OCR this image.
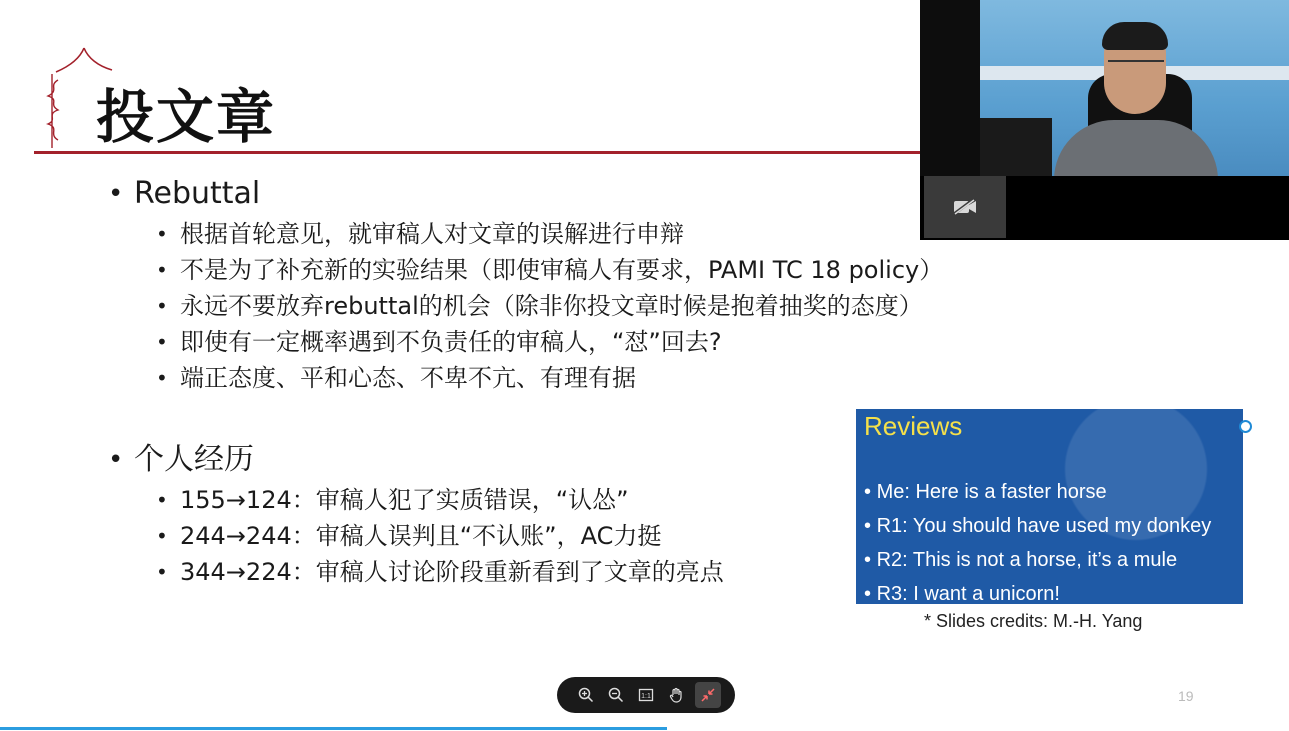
投文章

• Rebuttal

• 根据首轮意见，就审稿人对文章的误解进行申辩

• 不是为了补充新的实验结果（即使审稿人有要求，PAMI TC 18 policy）

• 永远不要放弃rebuttal的机会（除非你投文章时候是抱着抽奖的态度）

• 即使有一定概率遇到不负责任的审稿人，“怼”回去?

• 端正态度、平和心态、不卑不亢、有理有据

• 个人经历

• 155→124：审稿人犯了实质错误，“认怂”

• 244→244：审稿人误判且“不认账”，AC力挺

• 344→224：审稿人讨论阶段重新看到了文章的亮点

Reviews
• Me: Here is a faster horse
• R1: You should have used my donkey
• R2: This is not a horse, it’s a mule
• R3: I want a unicorn!
* Slides credits: M.-H. Yang
19
1:1
